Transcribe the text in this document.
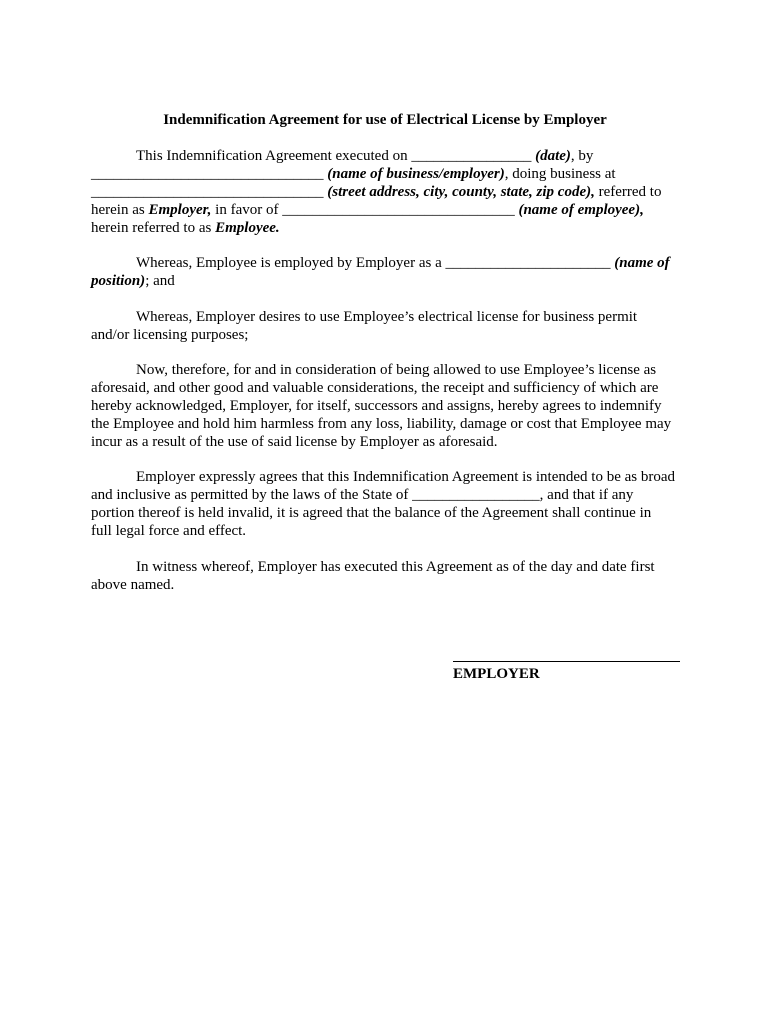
Indemnification Agreement for use of Electrical License by Employer
This Indemnification Agreement executed on ________________ (date), by
_______________________________ (name of business/employer), doing business at
_______________________________ (street address, city, county, state, zip code), referred to
herein as Employer, in favor of _______________________________ (name of employee),
herein referred to as Employee.
Whereas, Employee is employed by Employer as a ______________________ (name of
position); and
Whereas, Employer desires to use Employee’s electrical license for business permit
and/or licensing purposes;
Now, therefore, for and in consideration of being allowed to use Employee’s license as
aforesaid, and other good and valuable considerations, the receipt and sufficiency of which are
hereby acknowledged, Employer, for itself, successors and assigns, hereby agrees to indemnify
the Employee and hold him harmless from any loss, liability, damage or cost that Employee may
incur as a result of the use of said license by Employer as aforesaid.
Employer expressly agrees that this Indemnification Agreement is intended to be as broad
and inclusive as permitted by the laws of the State of _________________, and that if any
portion thereof is held invalid, it is agreed that the balance of the Agreement shall continue in
full legal force and effect.
In witness whereof, Employer has executed this Agreement as of the day and date first
above named.
EMPLOYER
